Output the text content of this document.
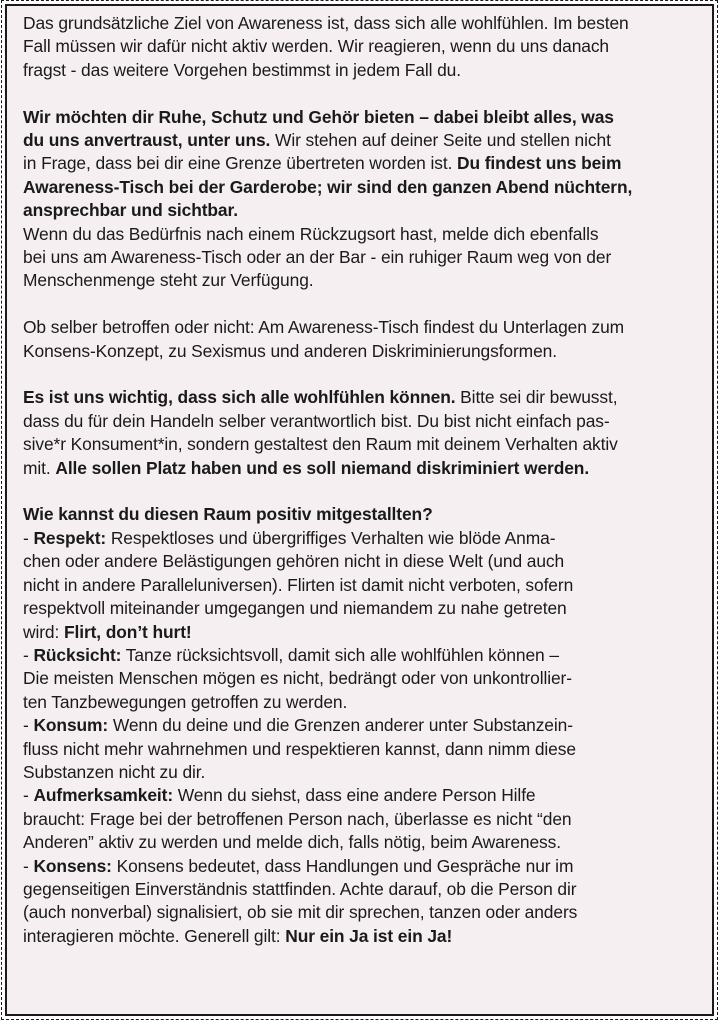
Das grundsätzliche Ziel von Awareness ist, dass sich alle wohlfühlen. Im besten
Fall müssen wir dafür nicht aktiv werden. Wir reagieren, wenn du uns danach
fragst - das weitere Vorgehen bestimmst in jedem Fall du.

Wir möchten dir Ruhe, Schutz und Gehör bieten – dabei bleibt alles, was
du uns anvertraust, unter uns. Wir stehen auf deiner Seite und stellen nicht
in Frage, dass bei dir eine Grenze übertreten worden ist. Du findest uns beim
Awareness-Tisch bei der Garderobe; wir sind den ganzen Abend nüchtern,
ansprechbar und sichtbar.
Wenn du das Bedürfnis nach einem Rückzugsort hast, melde dich ebenfalls
bei uns am Awareness-Tisch oder an der Bar - ein ruhiger Raum weg von der
Menschenmenge steht zur Verfügung.

Ob selber betroffen oder nicht: Am Awareness-Tisch findest du Unterlagen zum
Konsens-Konzept, zu Sexismus und anderen Diskriminierungsformen.

Es ist uns wichtig, dass sich alle wohlfühlen können. Bitte sei dir bewusst,
dass du für dein Handeln selber verantwortlich bist. Du bist nicht einfach pas-
sive*r Konsument*in, sondern gestaltest den Raum mit deinem Verhalten aktiv
mit. Alle sollen Platz haben und es soll niemand diskriminiert werden.

Wie kannst du diesen Raum positiv mitgestallten?
- Respekt: Respektloses und übergriffiges Verhalten wie blöde Anma-
chen oder andere Belästigungen gehören nicht in diese Welt (und auch
nicht in andere Paralleluniversen). Flirten ist damit nicht verboten, sofern
respektvoll miteinander umgegangen und niemandem zu nahe getreten
wird: Flirt, don’t hurt!
- Rücksicht: Tanze rücksichtsvoll, damit sich alle wohlfühlen können –
Die meisten Menschen mögen es nicht, bedrängt oder von unkontrollier-
ten Tanzbewegungen getroffen zu werden.
- Konsum: Wenn du deine und die Grenzen anderer unter Substanzein-
fluss nicht mehr wahrnehmen und respektieren kannst, dann nimm diese
Substanzen nicht zu dir.
- Aufmerksamkeit: Wenn du siehst, dass eine andere Person Hilfe
braucht: Frage bei der betroffenen Person nach, überlasse es nicht “den
Anderen” aktiv zu werden und melde dich, falls nötig, beim Awareness.
- Konsens: Konsens bedeutet, dass Handlungen und Gespräche nur im
gegenseitigen Einverständnis stattfinden. Achte darauf, ob die Person dir
(auch nonverbal) signalisiert, ob sie mit dir sprechen, tanzen oder anders
interagieren möchte. Generell gilt: Nur ein Ja ist ein Ja!
